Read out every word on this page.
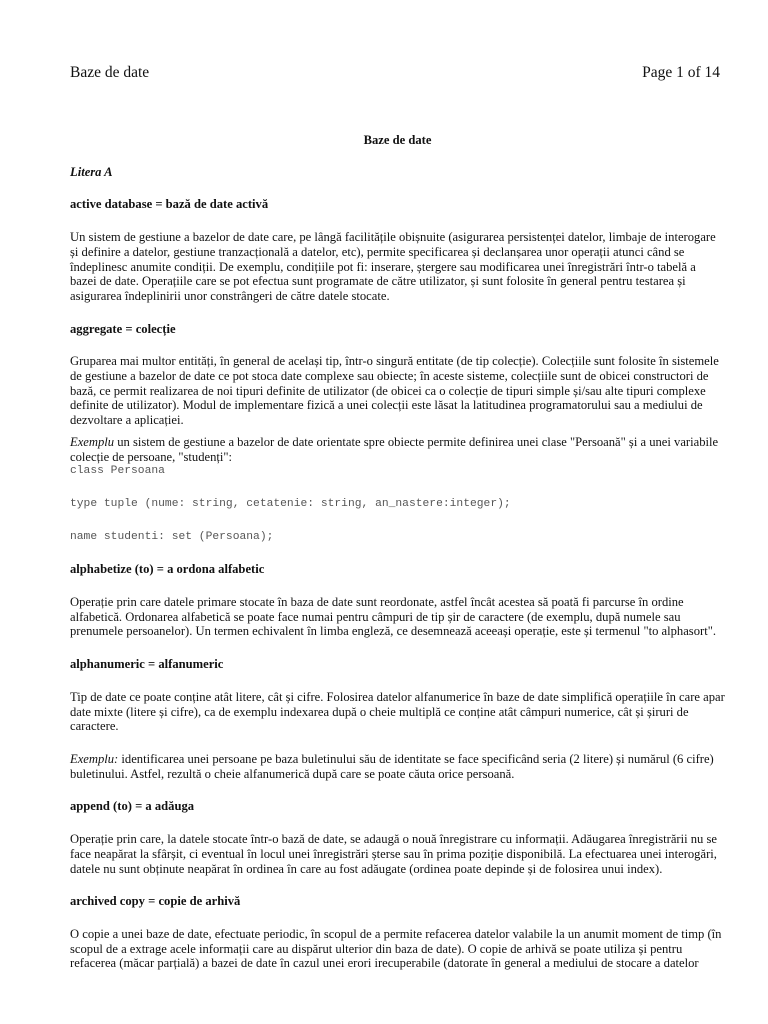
Baze de date	Page 1 of 14

Baze de date

Litera A

active database = bază de date activă

Un sistem de gestiune a bazelor de date care, pe lângă facilitățile obișnuite (asigurarea persistenței datelor, limbaje de interogare și definire a datelor, gestiune tranzacțională a datelor, etc), permite specificarea și declanșarea unor operații atunci când se îndeplinesc anumite condiții. De exemplu, condițiile pot fi: inserare, ștergere sau modificarea unei înregistrări într-o tabelă a bazei de date. Operațiile care se pot efectua sunt programate de către utilizator, și sunt folosite în general pentru testarea și asigurarea îndeplinirii unor constrângeri de către datele stocate.

aggregate = colecție

Gruparea mai multor entități, în general de același tip, într-o singură entitate (de tip colecție). Colecțiile sunt folosite în sistemele de gestiune a bazelor de date ce pot stoca date complexe sau obiecte; în aceste sisteme, colecțiile sunt de obicei constructori de bază, ce permit realizarea de noi tipuri definite de utilizator (de obicei ca o colecție de tipuri simple și/sau alte tipuri complexe definite de utilizator). Modul de implementare fizică a unei colecții este lăsat la latitudinea programatorului sau a mediului de dezvoltare a aplicației.

Exemplu un sistem de gestiune a bazelor de date orientate spre obiecte permite definirea unei clase "Persoană" și a unei variabile colecție de persoane, "studenți":

class Persoana
type tuple (nume: string, cetatenie: string, an_nastere:integer);
name studenti: set (Persoana);

alphabetize (to) = a ordona alfabetic

Operație prin care datele primare stocate în baza de date sunt reordonate, astfel încât acestea să poată fi parcurse în ordine alfabetică. Ordonarea alfabetică se poate face numai pentru câmpuri de tip șir de caractere (de exemplu, după numele sau prenumele persoanelor). Un termen echivalent în limba engleză, ce desemnează aceeași operație, este și termenul "to alphasort".

alphanumeric = alfanumeric

Tip de date ce poate conține atât litere, cât și cifre. Folosirea datelor alfanumerice în baze de date simplifică operațiile în care apar date mixte (litere și cifre), ca de exemplu indexarea după o cheie multiplă ce conține atât câmpuri numerice, cât și șiruri de caractere.

Exemplu: identificarea unei persoane pe baza buletinului său de identitate se face specificând seria (2 litere) și numărul (6 cifre) buletinului. Astfel, rezultă o cheie alfanumerică după care se poate căuta orice persoană.

append (to) = a adăuga

Operație prin care, la datele stocate într-o bază de date, se adaugă o nouă înregistrare cu informații. Adăugarea înregistrării nu se face neapărat la sfârșit, ci eventual în locul unei înregistrări șterse sau în prima poziție disponibilă. La efectuarea unei interogări, datele nu sunt obținute neapărat în ordinea în care au fost adăugate (ordinea poate depinde și de folosirea unui index).

archived copy = copie de arhivă

O copie a unei baze de date, efectuate periodic, în scopul de a permite refacerea datelor valabile la un anumit moment de timp (în scopul de a extrage acele informații care au dispărut ulterior din baza de date). O copie de arhivă se poate utiliza și pentru refacerea (măcar parțială) a bazei de date în cazul unei erori irecuperabile (datorate în general a mediului de stocare a datelor
